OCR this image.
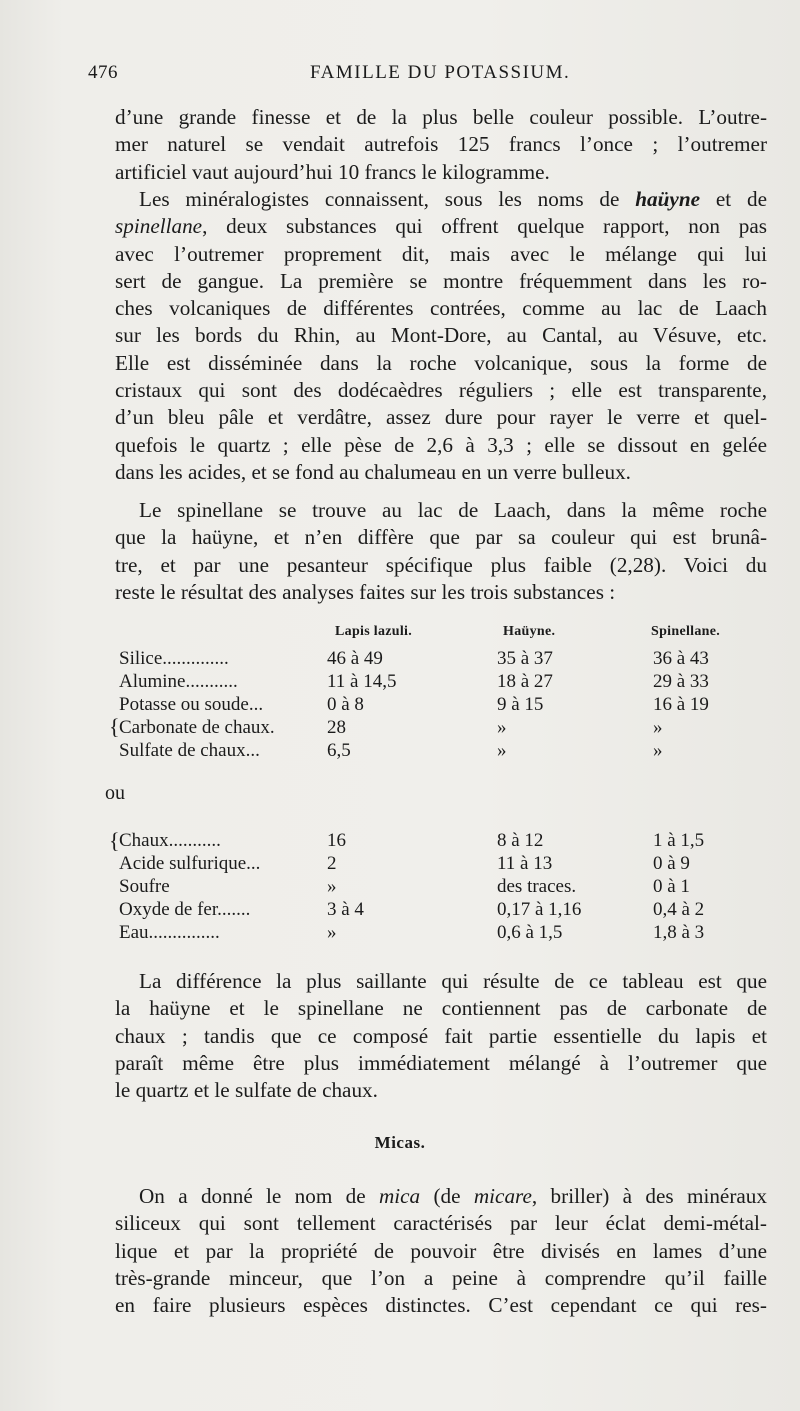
476	FAMILLE DU POTASSIUM.
d’une grande finesse et de la plus belle couleur possible. L’outre-
mer naturel se vendait autrefois 125 francs l’once ; l’outremer
artificiel vaut aujourd’hui 10 francs le kilogramme.
Les minéralogistes connaissent, sous les noms de haüyne et de
spinellane, deux substances qui offrent quelque rapport, non pas
avec l’outremer proprement dit, mais avec le mélange qui lui
sert de gangue. La première se montre fréquemment dans les ro-
ches volcaniques de différentes contrées, comme au lac de Laach
sur les bords du Rhin, au Mont-Dore, au Cantal, au Vésuve, etc.
Elle est disséminée dans la roche volcanique, sous la forme de
cristaux qui sont des dodécaèdres réguliers ; elle est transparente,
d’un bleu pâle et verdâtre, assez dure pour rayer le verre et quel-
quefois le quartz ; elle pèse de 2,6 à 3,3 ; elle se dissout en gelée
dans les acides, et se fond au chalumeau en un verre bulleux.
Le spinellane se trouve au lac de Laach, dans la même roche
que la haüyne, et n’en diffère que par sa couleur qui est brunâ-
tre, et par une pesanteur spécifique plus faible (2,28). Voici du
reste le résultat des analyses faites sur les trois substances :
Lapis lazuli.	Haüyne.	Spinellane.
Silice..............	46 à 49	35 à 37	36 à 43
Alumine...........	11 à 14,5	18 à 27	29 à 33
Potasse ou soude...	0 à 8	9 à 15	16 à 19
{ Carbonate de chaux.	28	»	»
Sulfate de chaux...	6,5	»	»
ou
{ Chaux...........	16	8 à 12	1 à 1,5
Acide sulfurique...	2	11 à 13	0 à 9
Soufre	»	des traces.	0 à 1
Oxyde de fer.......	3 à 4	0,17 à 1,16	0,4 à 2
Eau...............	»	0,6 à 1,5	1,8 à 3
La différence la plus saillante qui résulte de ce tableau est que
la haüyne et le spinellane ne contiennent pas de carbonate de
chaux ; tandis que ce composé fait partie essentielle du lapis et
paraît même être plus immédiatement mélangé à l’outremer que
le quartz et le sulfate de chaux.
Micas.
On a donné le nom de mica (de micare, briller) à des minéraux
siliceux qui sont tellement caractérisés par leur éclat demi-métal-
lique et par la propriété de pouvoir être divisés en lames d’une
très-grande minceur, que l’on a peine à comprendre qu’il faille
en faire plusieurs espèces distinctes. C’est cependant ce qui res-
